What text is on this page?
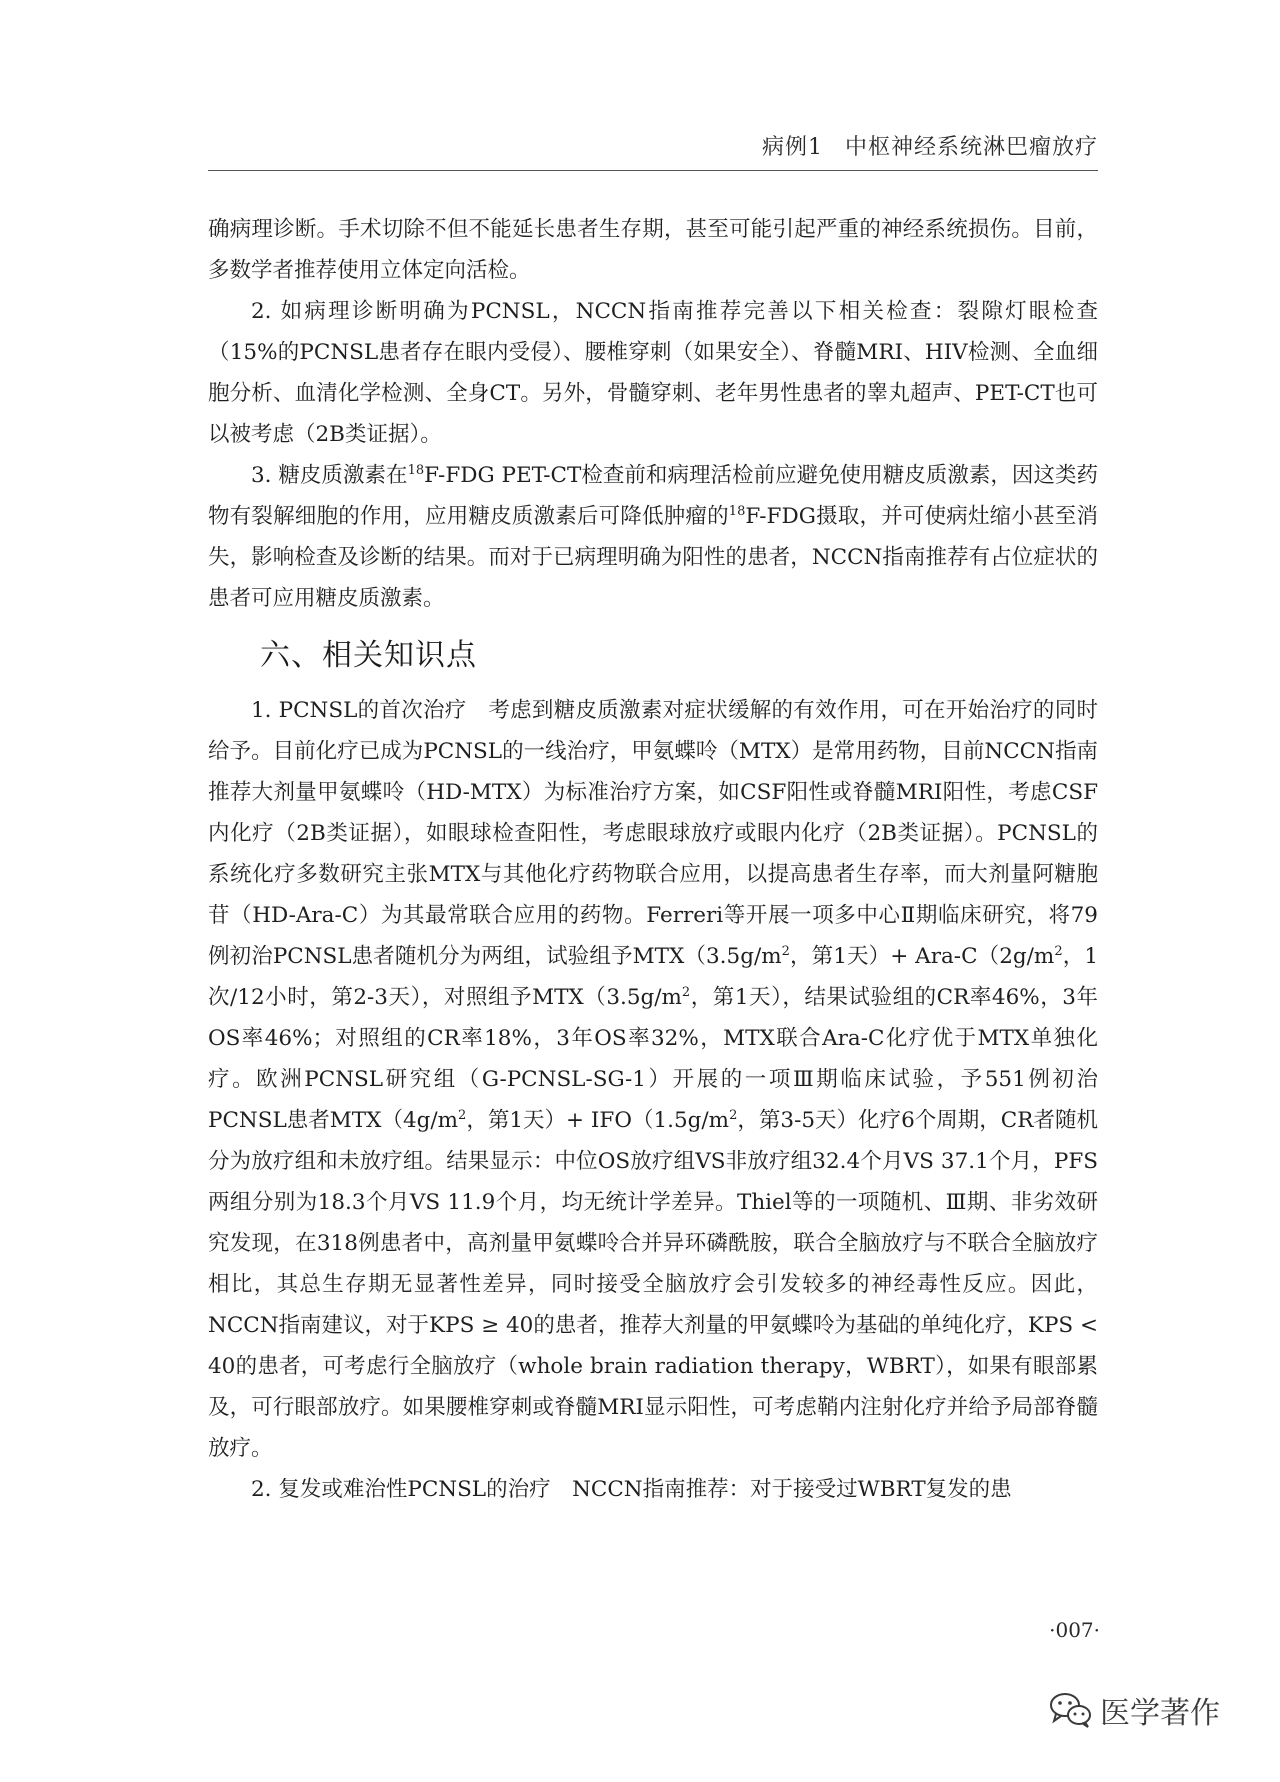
病例1 中枢神经系统淋巴瘤放疗

确病理诊断。手术切除不但不能延长患者生存期，甚至可能引起严重的神经系统损伤。目前，多数学者推荐使用立体定向活检。

2. 如病理诊断明确为PCNSL，NCCN指南推荐完善以下相关检查：裂隙灯眼检查（15%的PCNSL患者存在眼内受侵）、腰椎穿刺（如果安全）、脊髓MRI、HIV检测、全血细胞分析、血清化学检测、全身CT。另外，骨髓穿刺、老年男性患者的睾丸超声、PET-CT也可以被考虑（2B类证据）。

3. 糖皮质激素在$^{18}$F-FDG PET-CT检查前和病理活检前应避免使用糖皮质激素，因这类药物有裂解细胞的作用，应用糖皮质激素后可降低肿瘤的$^{18}$F-FDG摄取，并可使病灶缩小甚至消失，影响检查及诊断的结果。而对于已病理明确为阳性的患者，NCCN指南推荐有占位症状的患者可应用糖皮质激素。

六、相关知识点

1. PCNSL的首次治疗　考虑到糖皮质激素对症状缓解的有效作用，可在开始治疗的同时给予。目前化疗已成为PCNSL的一线治疗，甲氨蝶呤（MTX）是常用药物，目前NCCN指南推荐大剂量甲氨蝶呤（HD-MTX）为标准治疗方案，如CSF阳性或脊髓MRI阳性，考虑CSF内化疗（2B类证据），如眼球检查阳性，考虑眼球放疗或眼内化疗（2B类证据）。PCNSL的系统化疗多数研究主张MTX与其他化疗药物联合应用，以提高患者生存率，而大剂量阿糖胞苷（HD-Ara-C）为其最常联合应用的药物。Ferreri等开展一项多中心Ⅱ期临床研究，将79例初治PCNSL患者随机分为两组，试验组予$MTX(3.5g/m^2$，第1天）+ Ara-$C(2g/m^2$，1次/12小时，第2-3天），对照组予$MTX(3.5g/m^2$，第1天），结果试验组的CR率46%，3年OS率46%；对照组的CR率18%，3年OS率32%，MTX联合Ara-C化疗优于MTX单独化疗。欧洲PCNSL研究组（G-PCNSL-SG-1）开展的一项Ⅲ期临床试验，予551例初治PCNSL患者$MTX(4g/m^2$，第1天）+ $IFO(1.5g/m^2$，第3-5天）化疗6个周期，CR者随机分为放疗组和未放疗组。结果显示：中位OS放疗组VS非放疗组32.4个月VS 37.1个月，PFS两组分别为18.3个月VS 11.9个月，均无统计学差异。Thiel等的一项随机、Ⅲ期、非劣效研究发现，在318例患者中，高剂量甲氨蝶呤合并异环磷酰胺，联合全脑放疗与不联合全脑放疗相比，其总生存期无显著性差异，同时接受全脑放疗会引发较多的神经毒性反应。因此，NCCN指南建议，对于KPS ≥ 40的患者，推荐大剂量的甲氨蝶呤为基础的单纯化疗，KPS < 40的患者，可考虑行全脑放疗（whole brain radiation therapy，WBRT），如果有眼部累及，可行眼部放疗。如果腰椎穿刺或脊髓MRI显示阳性，可考虑鞘内注射化疗并给予局部脊髓放疗。

2. 复发或难治性PCNSL的治疗　NCCN指南推荐：对于接受过WBRT复发的患

·007·
医学著作
